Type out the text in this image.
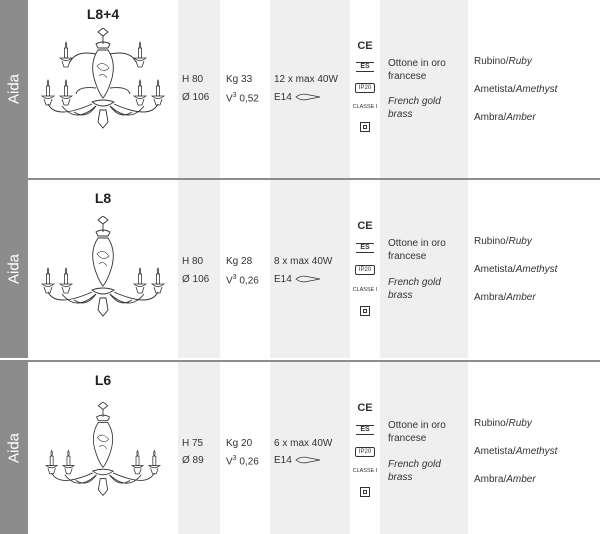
Aida
L8+4
H 80
Ø 106
Kg 33
$V^3$ 0,52
12 x max 40W
E14
CE
ES
IP20
CLASSE I
Ottone in oro
francese
French gold
brass
Rubino/Ruby
Ametista/Amethyst
Ambra/Amber
Aida
L8
H 80
Ø 106
Kg 28
$V^3$ 0,26
8 x max 40W
E14
CE
ES
IP20
CLASSE I
Ottone in oro
francese
French gold
brass
Rubino/Ruby
Ametista/Amethyst
Ambra/Amber
Aida
L6
H 75
Ø 89
Kg 20
$V^3$ 0,26
6 x max 40W
E14
CE
ES
IP20
CLASSE I
Ottone in oro
francese
French gold
brass
Rubino/Ruby
Ametista/Amethyst
Ambra/Amber
